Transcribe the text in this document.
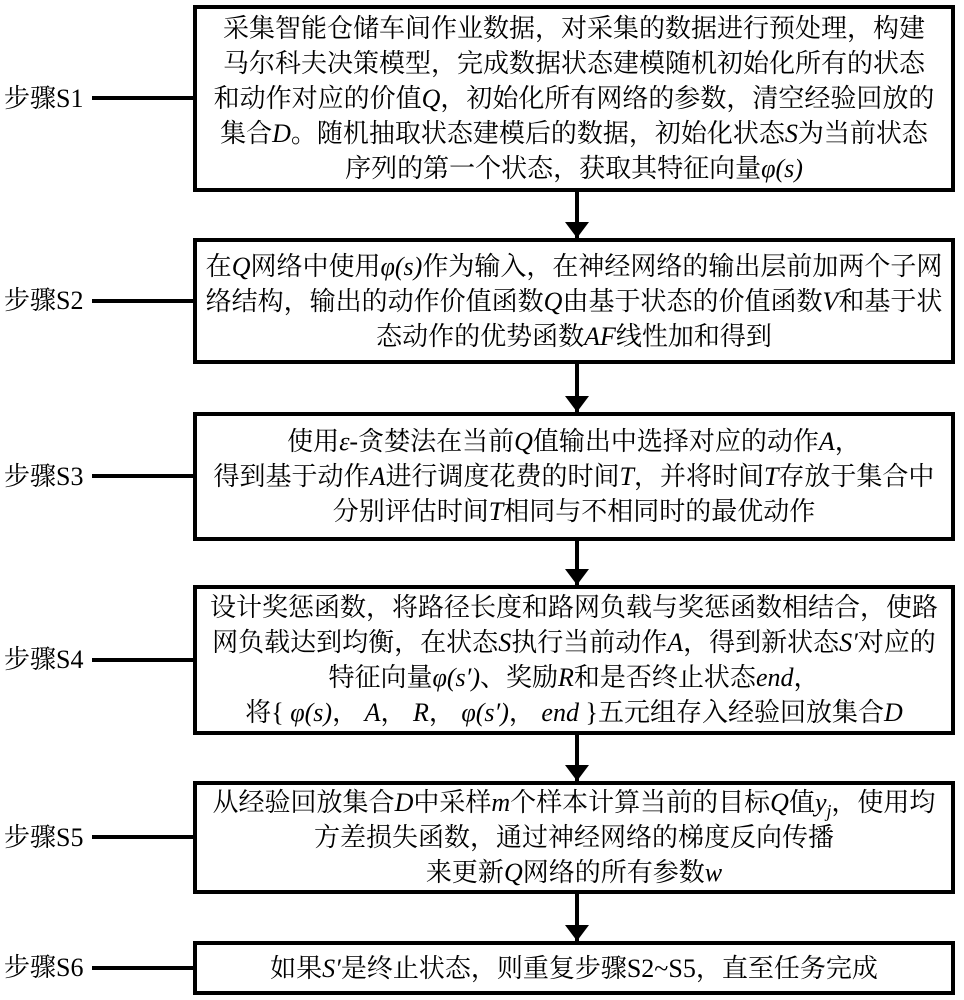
步骤S1
步骤S2
步骤S3
步骤S4
步骤S5
步骤S6
采集智能仓储车间作业数据，对采集的数据进行预处理，构建
马尔科夫决策模型，完成数据状态建模随机初始化所有的状态
和动作对应的价值Q，初始化所有网络的参数，清空经验回放的
集合D。随机抽取状态建模后的数据，初始化状态S为当前状态
序列的第一个状态，获取其特征向量φ(s)
在Q网络中使用φ(s)作为输入，在神经网络的输出层前加两个子网
络结构，输出的动作价值函数Q由基于状态的价值函数V和基于状
态动作的优势函数AF线性加和得到
使用ε-贪婪法在当前Q值输出中选择对应的动作A，
得到基于动作A进行调度花费的时间T，并将时间T存放于集合中
分别评估时间T相同与不相同时的最优动作
设计奖惩函数，将路径长度和路网负载与奖惩函数相结合，使路
网负载达到均衡，在状态S执行当前动作A，得到新状态S′对应的
特征向量φ(s′)、奖励R和是否终止状态end，
将{ φ(s)， A， R， φ(s′)， end }五元组存入经验回放集合D
从经验回放集合D中采样m个样本计算当前的目标Q值$y_j$，使用均
方差损失函数，通过神经网络的梯度反向传播
来更新Q网络的所有参数w
如果S′是终止状态，则重复步骤S2~S5，直至任务完成
